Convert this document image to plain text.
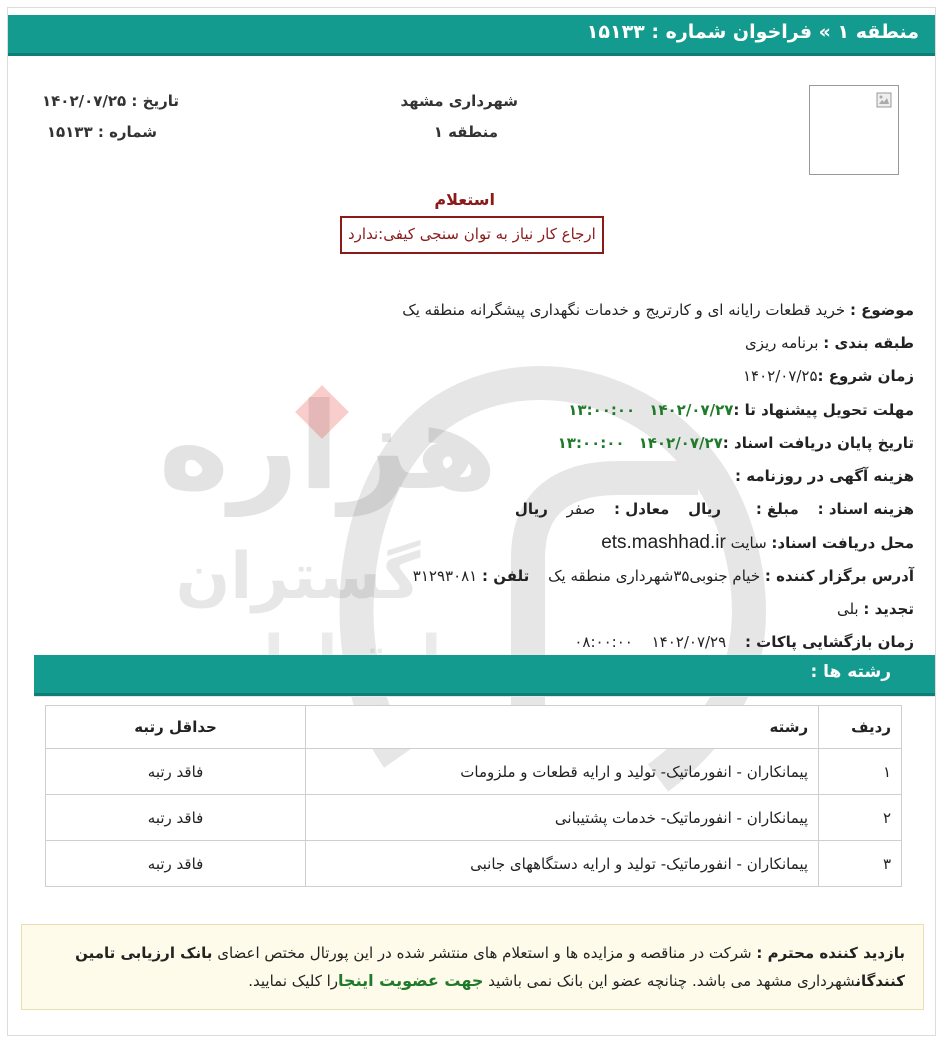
هزاره
گستران
منطقه ۱ » فراخوان شماره : ۱۵۱۳۳
شهرداری مشهد
منطقه ۱
تاریخ : ۱۴۰۲/۰۷/۲۵
شماره : ۱۵۱۳۳
استعلام
ارجاع کار نیاز به توان سنجی کیفی:ندارد
موضوع : خرید قطعات رایانه ای و کارتریج و خدمات نگهداری پیشگرانه منطقه یک
طبقه بندی : برنامه ریزی
زمان شروع :۱۴۰۲/۰۷/۲۵
مهلت تحویل پیشنهاد تا :۱۴۰۲/۰۷/۲۷۱۳:۰۰:۰۰
تاریخ پایان دریافت اسناد :۱۴۰۲/۰۷/۲۷۱۳:۰۰:۰۰
هزینه آگهی در روزنامه :
هزینه اسناد : مبلغ : ریال معادل : صفر ریال
محل دریافت اسناد: سایت ets.mashhad.ir
آدرس برگزار کننده : خیام جنوبی۳۵شهرداری منطقه یک تلفن : ۳۱۲۹۳۰۸۱
تجدید : بلی
زمان بازگشایی پاکات : ۱۴۰۲/۰۷/۲۹ ۰۸:۰۰:۰۰
رشته ها :
ردیف	رشته	حداقل رتبه
۱	پیمانکاران - انفورماتیک- تولید و ارایه قطعات و ملزومات	فاقد رتبه
۲	پیمانکاران - انفورماتیک- خدمات پشتیبانی	فاقد رتبه
۳	پیمانکاران - انفورماتیک- تولید و ارایه دستگاههای جانبی	فاقد رتبه
بازدید کننده محترم : شرکت در مناقصه و مزایده ها و استعلام های منتشر شده در این پورتال مختص اعضای بانک ارزیابی تامین کنندگانشهرداری مشهد می باشد. چنانچه عضو این بانک نمی باشید جهت عضویت اینجارا کلیک نمایید.
